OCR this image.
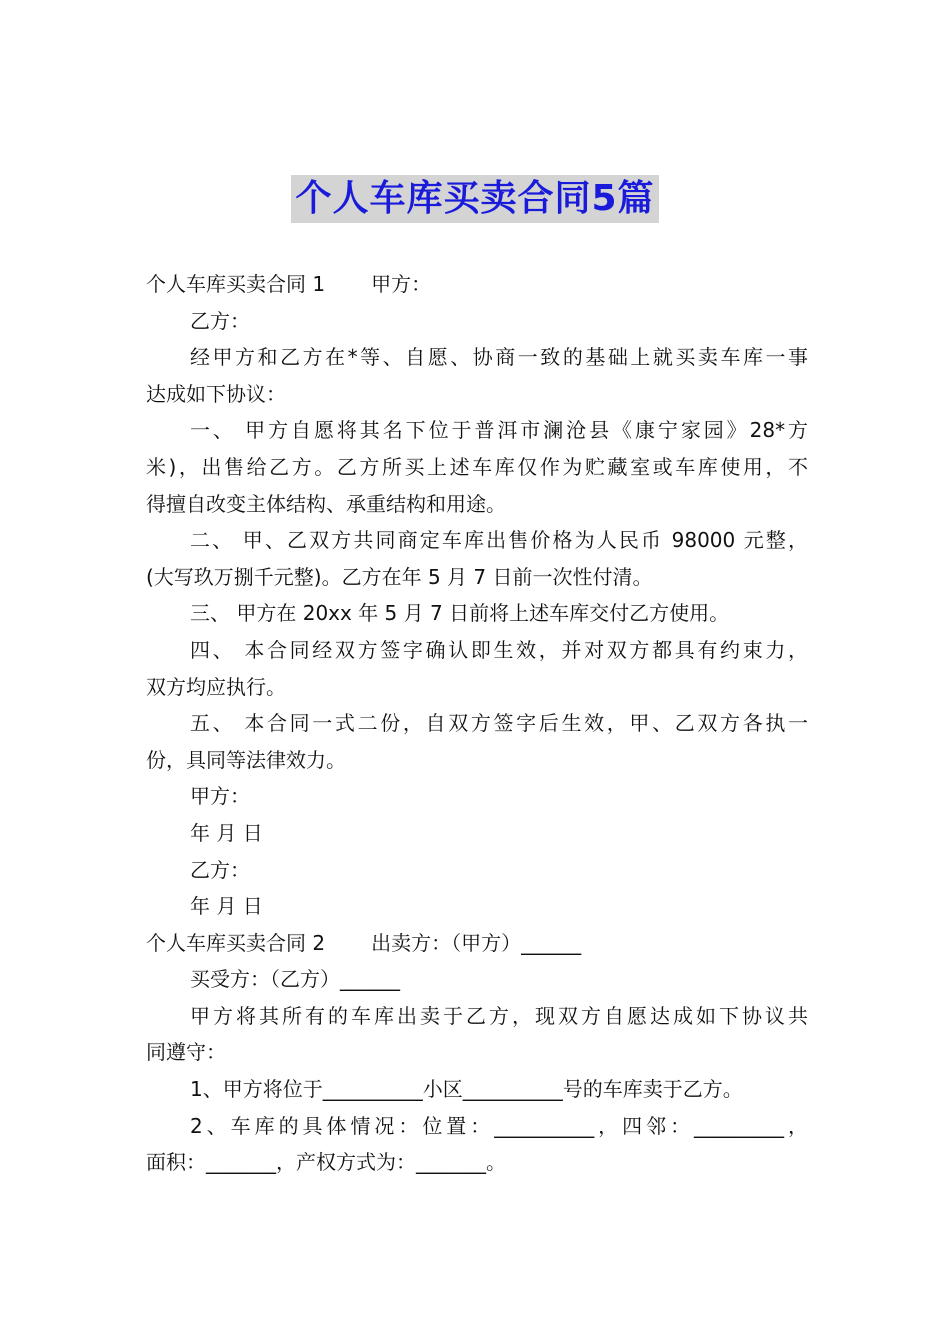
个人车库买卖合同5篇
个人车库买卖合同 1 甲方：
乙方：
经甲方和乙方在*等、自愿、协商一致的基础上就买卖车库一事
达成如下协议：
一、 甲方自愿将其名下位于普洱市澜沧县《康宁家园》28*方
米)，出售给乙方。乙方所买上述车库仅作为贮藏室或车库使用，不
得擅自改变主体结构、承重结构和用途。
二、 甲、乙双方共同商定车库出售价格为人民币 98000 元整，
(大写玖万捌千元整)。乙方在年 5 月 7 日前一次性付清。
三、 甲方在 20xx 年 5 月 7 日前将上述车库交付乙方使用。
四、 本合同经双方签字确认即生效，并对双方都具有约束力，
双方均应执行。
五、 本合同一式二份，自双方签字后生效，甲、乙双方各执一
份，具同等法律效力。
甲方：
年 月 日
乙方：
年 月 日
个人车库买卖合同 2 出卖方：（甲方）______
买受方：（乙方）______
甲方将其所有的车库出卖于乙方，现双方自愿达成如下协议共
同遵守：
1、甲方将位于__________小区__________号的车库卖于乙方。
2、车库的具体情况：位置：__________，四邻：_________，
面积：_______，产权方式为：_______。
